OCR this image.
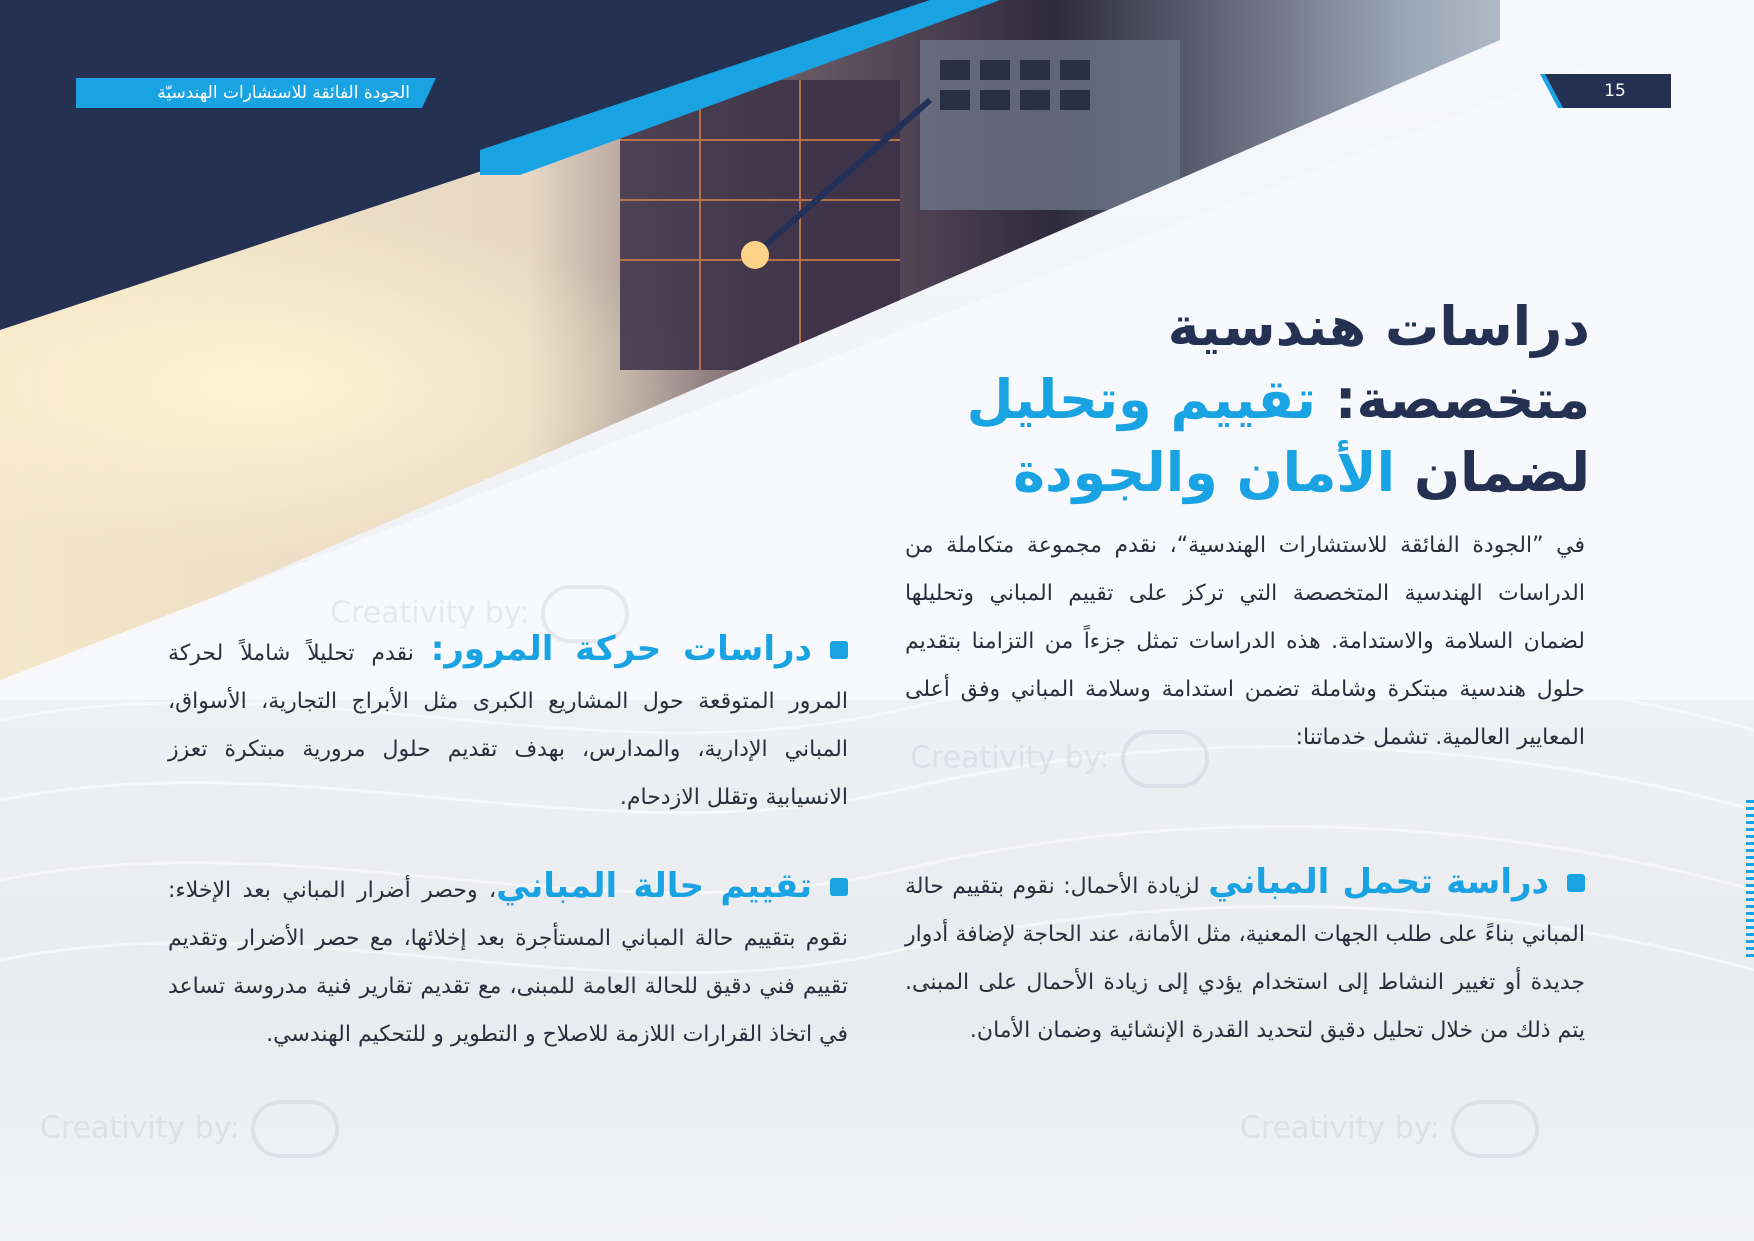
الجودة الفائقة للاستشارات الهندسيّة	15
دراسات هندسية
متخصصة: تقييم وتحليل
لضمان الأمان والجودة
في ”الجودة الفائقة للاستشارات الهندسية“، نقدم مجموعة متكاملة من الدراسات الهندسية المتخصصة التي تركز على تقييم المباني وتحليلها لضمان السلامة والاستدامة. هذه الدراسات تمثل جزءاً من التزامنا بتقديم حلول هندسية مبتكرة وشاملة تضمن استدامة وسلامة المباني وفق أعلى المعايير العالمية. تشمل خدماتنا:
دراسة تحمل المباني لزيادة الأحمال: نقوم بتقييم حالة المباني بناءً على طلب الجهات المعنية، مثل الأمانة، عند الحاجة لإضافة أدوار جديدة أو تغيير النشاط إلى استخدام يؤدي إلى زيادة الأحمال على المبنى. يتم ذلك من خلال تحليل دقيق لتحديد القدرة الإنشائية وضمان الأمان.
دراسات حركة المرور: نقدم تحليلاً شاملاً لحركة المرور المتوقعة حول المشاريع الكبرى مثل الأبراج التجارية، الأسواق، المباني الإدارية، والمدارس، بهدف تقديم حلول مرورية مبتكرة تعزز الانسيابية وتقلل الازدحام.
تقييم حالة المباني، وحصر أضرار المباني بعد الإخلاء: نقوم بتقييم حالة المباني المستأجرة بعد إخلائها، مع حصر الأضرار وتقديم تقييم فني دقيق للحالة العامة للمبنى، مع تقديم تقارير فنية مدروسة تساعد في اتخاذ القرارات اللازمة للاصلاح و التطوير و للتحكيم الهندسي.
